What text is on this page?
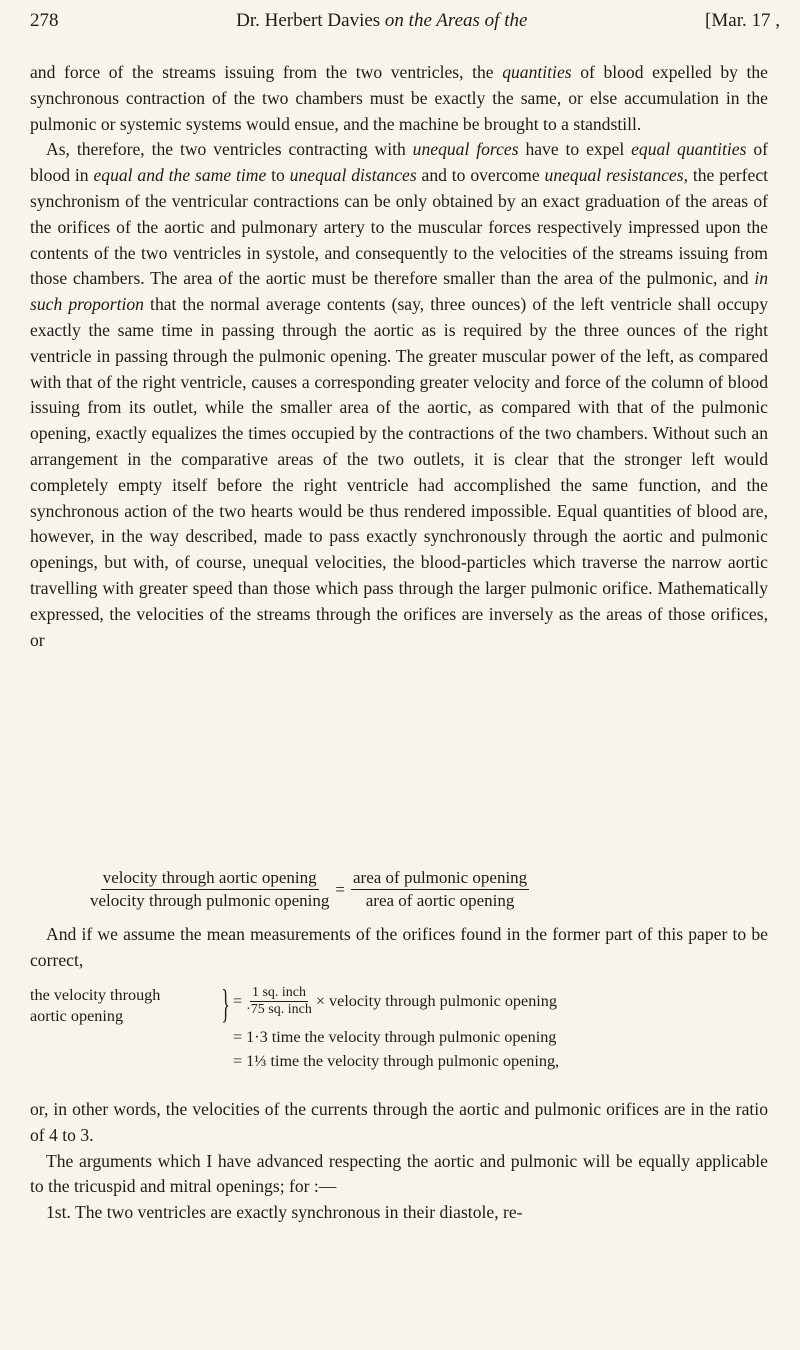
278	Dr. Herbert Davies on the Areas of the	[Mar. 17 ,

and force of the streams issuing from the two ventricles, the quantities of blood expelled by the synchronous contraction of the two chambers must be exactly the same, or else accumulation in the pulmonic or systemic systems would ensue, and the machine be brought to a standstill.

As, therefore, the two ventricles contracting with unequal forces have to expel equal quantities of blood in equal and the same time to unequal distances and to overcome unequal resistances, the perfect synchronism of the ventricular contractions can be only obtained by an exact graduation of the areas of the orifices of the aortic and pulmonary artery to the muscular forces respectively impressed upon the contents of the two ventricles in systole, and consequently to the velocities of the streams issuing from those chambers. The area of the aortic must be therefore smaller than the area of the pulmonic, and in such proportion that the normal average contents (say, three ounces) of the left ventricle shall occupy exactly the same time in passing through the aortic as is required by the three ounces of the right ventricle in passing through the pulmonic opening. The greater muscular power of the left, as compared with that of the right ventricle, causes a corresponding greater velocity and force of the column of blood issuing from its outlet, while the smaller area of the aortic, as compared with that of the pulmonic opening, exactly equalizes the times occupied by the contractions of the two chambers. Without such an arrangement in the comparative areas of the two outlets, it is clear that the stronger left would completely empty itself before the right ventricle had accomplished the same function, and the synchronous action of the two hearts would be thus rendered impossible. Equal quantities of blood are, however, in the way described, made to pass exactly synchronously through the aortic and pulmonic openings, but with, of course, unequal velocities, the blood-particles which traverse the narrow aortic travelling with greater speed than those which pass through the larger pulmonic orifice. Mathematically expressed, the velocities of the streams through the orifices are inversely as the areas of those orifices, or

$\frac{\text{velocity through aortic opening}}{\text{velocity through pulmonic opening}} = \frac{\text{area of pulmonic opening}}{\text{area of aortic opening}}$
And if we assume the mean measurements of the orifices found in the former part of this paper to be correct,
the velocity through
aortic opening	} = $\frac{\text{1 sq. inch}}{\text{·75 sq. inch}}$ × velocity through pulmonic opening
= 1·3 time the velocity through pulmonic opening
= 1⅓ time the velocity through pulmonic opening,

or, in other words, the velocities of the currents through the aortic and pulmonic orifices are in the ratio of 4 to 3.

The arguments which I have advanced respecting the aortic and pulmonic will be equally applicable to the tricuspid and mitral openings; for :—

1st. The two ventricles are exactly synchronous in their diastole, re-
